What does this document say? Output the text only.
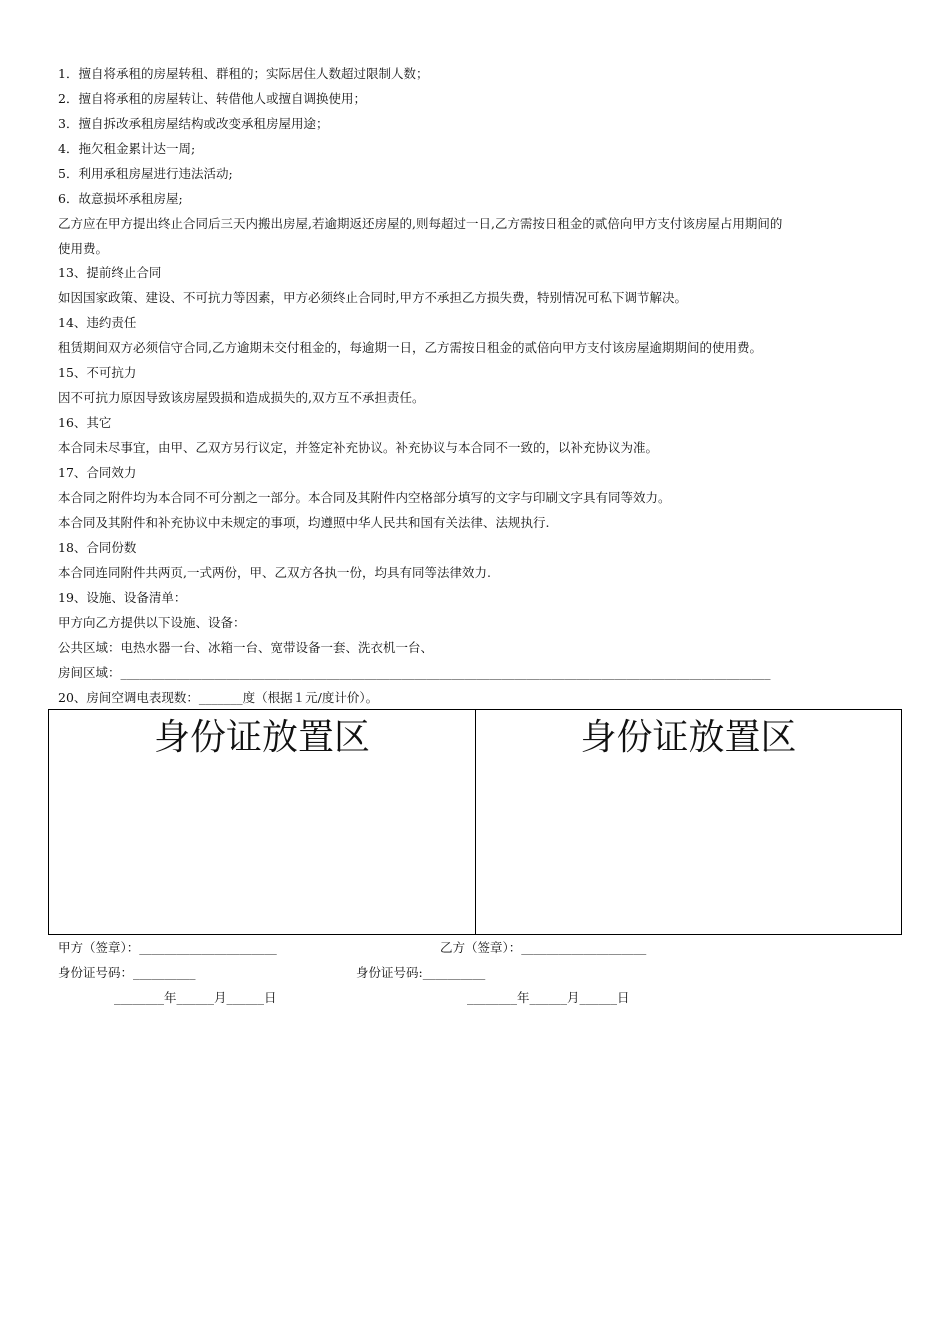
1．擅自将承租的房屋转租、群租的；实际居住人数超过限制人数；
2．擅自将承租的房屋转让、转借他人或擅自调换使用；
3．擅自拆改承租房屋结构或改变承租房屋用途；
4．拖欠租金累计达一周;
5．利用承租房屋进行违法活动;
6．故意损坏承租房屋;
乙方应在甲方提出终止合同后三天内搬出房屋,若逾期返还房屋的,则每超过一日,乙方需按日租金的贰倍向甲方支付该房屋占用期间的
使用费。
13、提前终止合同
如因国家政策、建设、不可抗力等因素，甲方必须终止合同时,甲方不承担乙方损失费，特别情况可私下调节解决。
14、违约责任
租赁期间双方必须信守合同,乙方逾期未交付租金的，每逾期一日，乙方需按日租金的贰倍向甲方支付该房屋逾期期间的使用费。
15、不可抗力
因不可抗力原因导致该房屋毁损和造成损失的,双方互不承担责任。
16、其它
本合同未尽事宜，由甲、乙双方另行议定，并签定补充协议。补充协议与本合同不一致的，以补充协议为准。
17、合同效力
本合同之附件均为本合同不可分割之一部分。本合同及其附件内空格部分填写的文字与印刷文字具有同等效力。
本合同及其附件和补充协议中未规定的事项，均遵照中华人民共和国有关法律、法规执行.
18、合同份数
本合同连同附件共两页,一式两份，甲、乙双方各执一份，均具有同等法律效力.
19、设施、设备清单：
甲方向乙方提供以下设施、设备：
公共区域：电热水器一台、冰箱一台、宽带设备一套、洗衣机一台、
房间区域：________________________________________________________________________________________________________
20、房间空调电表现数：_______度（根据１元/度计价）。
身份证放置区	身份证放置区
甲方（签章）：______________________	乙方（签章）：____________________
身份证号码：__________	身份证号码:__________
________年______月______日	________年______月______日
